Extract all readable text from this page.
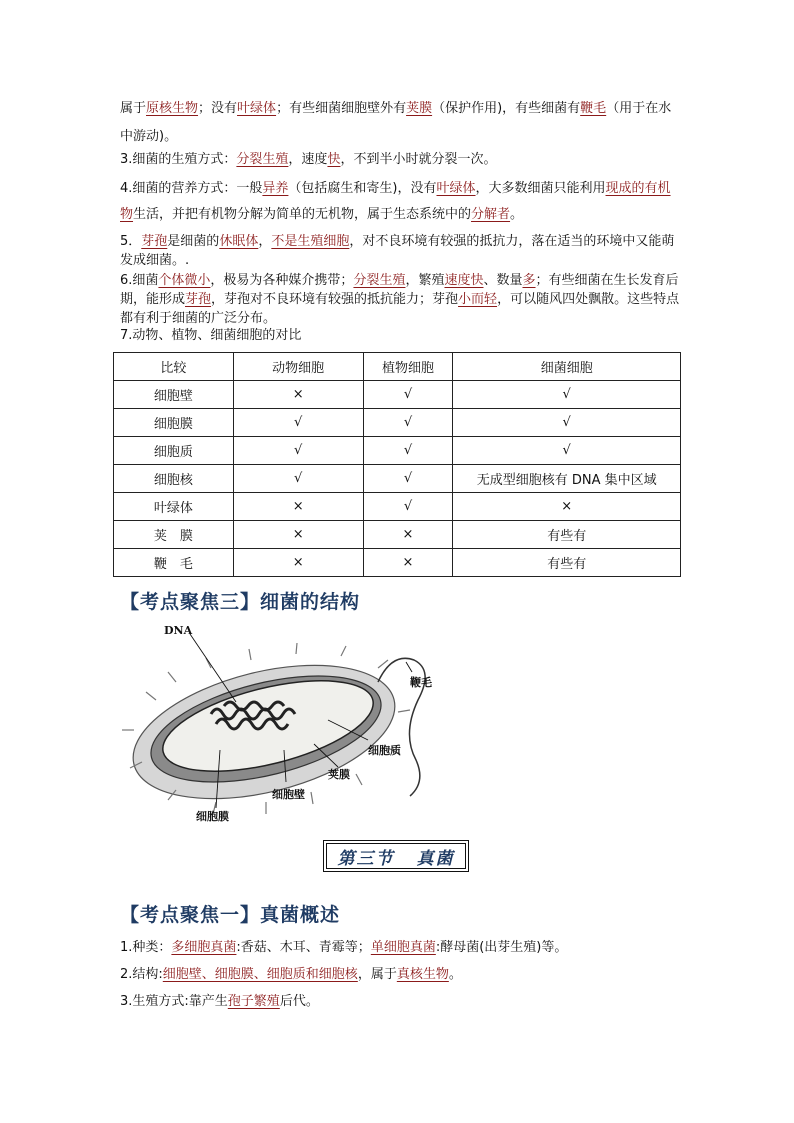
属于原核生物；没有叶绿体；有些细菌细胞壁外有荚膜（保护作用)，有些细菌有鞭毛（用于在水中游动)。
3.细菌的生殖方式：分裂生殖，速度快，不到半小时就分裂一次。
4.细菌的营养方式：一般异养（包括腐生和寄生)，没有叶绿体，大多数细菌只能利用现成的有机物生活，并把有机物分解为简单的无机物，属于生态系统中的分解者。
5．芽孢是细菌的休眠体，不是生殖细胞，对不良环境有较强的抵抗力，落在适当的环境中又能萌发成细菌。.
6.细菌个体微小，极易为各种媒介携带；分裂生殖，繁殖速度快、数量多；有些细菌在生长发育后期，能形成芽孢，芽孢对不良环境有较强的抵抗能力；芽孢小而轻，可以随风四处飘散。这些特点都有利于细菌的广泛分布。
7.动物、植物、细菌细胞的对比
比较	动物细胞	植物细胞	细菌细胞
细胞壁	×	√	√
细胞膜	√	√	√
细胞质	√	√	√
细胞核	√	√	无成型细胞核有 DNA 集中区域
叶绿体	×	√	×
荚　膜	×	×	有些有
鞭　毛	×	×	有些有
【考点聚焦三】细菌的结构
DNA
鞭毛
细胞质
荚膜
细胞壁
细胞膜
第三节 真菌
【考点聚焦一】真菌概述
1.种类：多细胞真菌:香菇、木耳、青霉等；单细胞真菌:酵母菌(出芽生殖)等。
2.结构:细胞壁、细胞膜、细胞质和细胞核，属于真核生物。
3.生殖方式:靠产生孢子繁殖后代。
